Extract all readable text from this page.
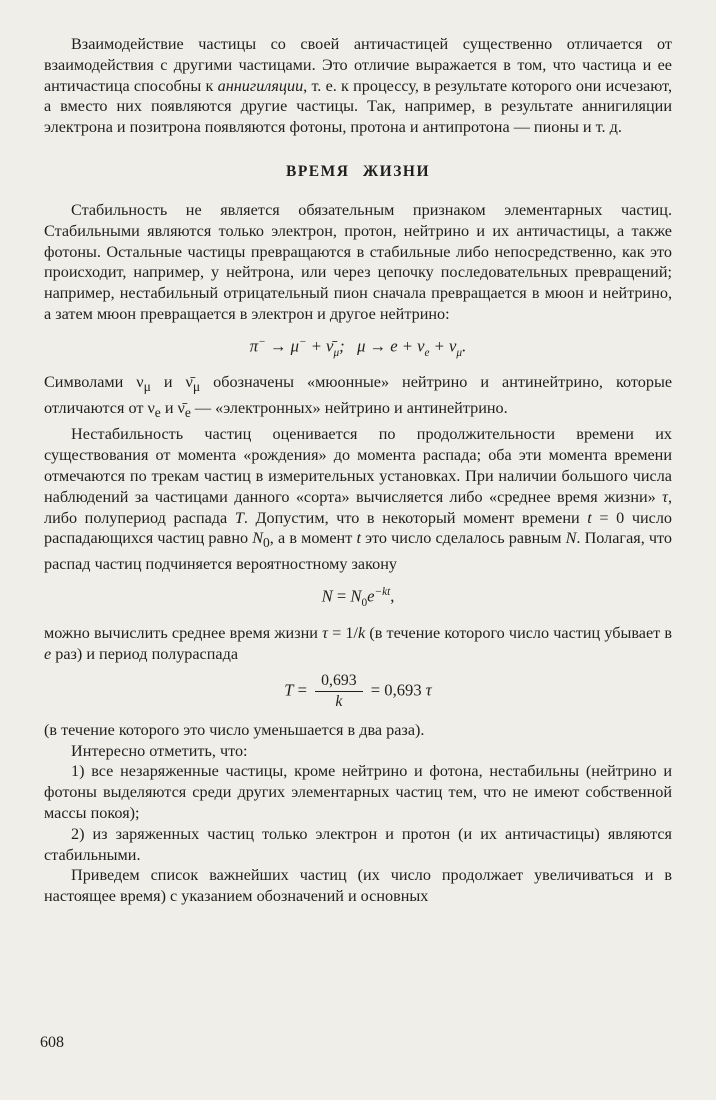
Взаимодействие частицы со своей античастицей существенно отличается от взаимодействия с другими частицами. Это отличие выражается в том, что частица и ее античастица способны к аннигиляции, т. е. к процессу, в результате которого они исчезают, а вместо них появляются другие частицы. Так, например, в результате аннигиляции электрона и позитрона появляются фотоны, протона и антипротона — пионы и т. д.

ВРЕМЯ ЖИЗНИ

Стабильность не является обязательным признаком элементарных частиц. Стабильными являются только электрон, протон, нейтрино и их античастицы, а также фотоны. Остальные частицы превращаются в стабильные либо непосредственно, как это происходит, например, у нейтрона, или через цепочку последовательных превращений; например, нестабильный отрицательный пион сначала превращается в мюон и нейтрино, а затем мюон превращается в электрон и другое нейтрино:

$\pi^- \to \mu^- + \nū_\mu$;   $\mu \to e + \nu_e + \nu_\mu$.

Символами $\nu_\mu$ и $\nū_\mu$ обозначены «мюонные» нейтрино и антинейтрино, которые отличаются от $\nu_e$ и $\nū_e$ — «электронных» нейтрино и антинейтрино.

Нестабильность частиц оценивается по продолжительности времени их существования от момента «рождения» до момента распада; оба эти момента времени отмечаются по трекам частиц в измерительных установках. При наличии большого числа наблюдений за частицами данного «сорта» вычисляется либо «среднее время жизни» τ, либо полупериод распада T. Допустим, что в некоторый момент времени t = 0 число распадающихся частиц равно $N_0$, а в момент t это число сделалось равным N. Полагая, что распад частиц подчиняется вероятностному закону

$N = N_0e^{-kt}$,

можно вычислить среднее время жизни τ = 1/k (в течение которого число частиц убывает в e раз) и период полураспада

$T = \frac{0,693}{k} = 0,693$ τ

(в течение которого это число уменьшается в два раза).

Интересно отметить, что:

1) все незаряженные частицы, кроме нейтрино и фотона, нестабильны (нейтрино и фотоны выделяются среди других элементарных частиц тем, что не имеют собственной массы покоя);

2) из заряженных частиц только электрон и протон (и их античастицы) являются стабильными.

Приведем список важнейших частиц (их число продолжает увеличиваться и в настоящее время) с указанием обозначений и основных

608
